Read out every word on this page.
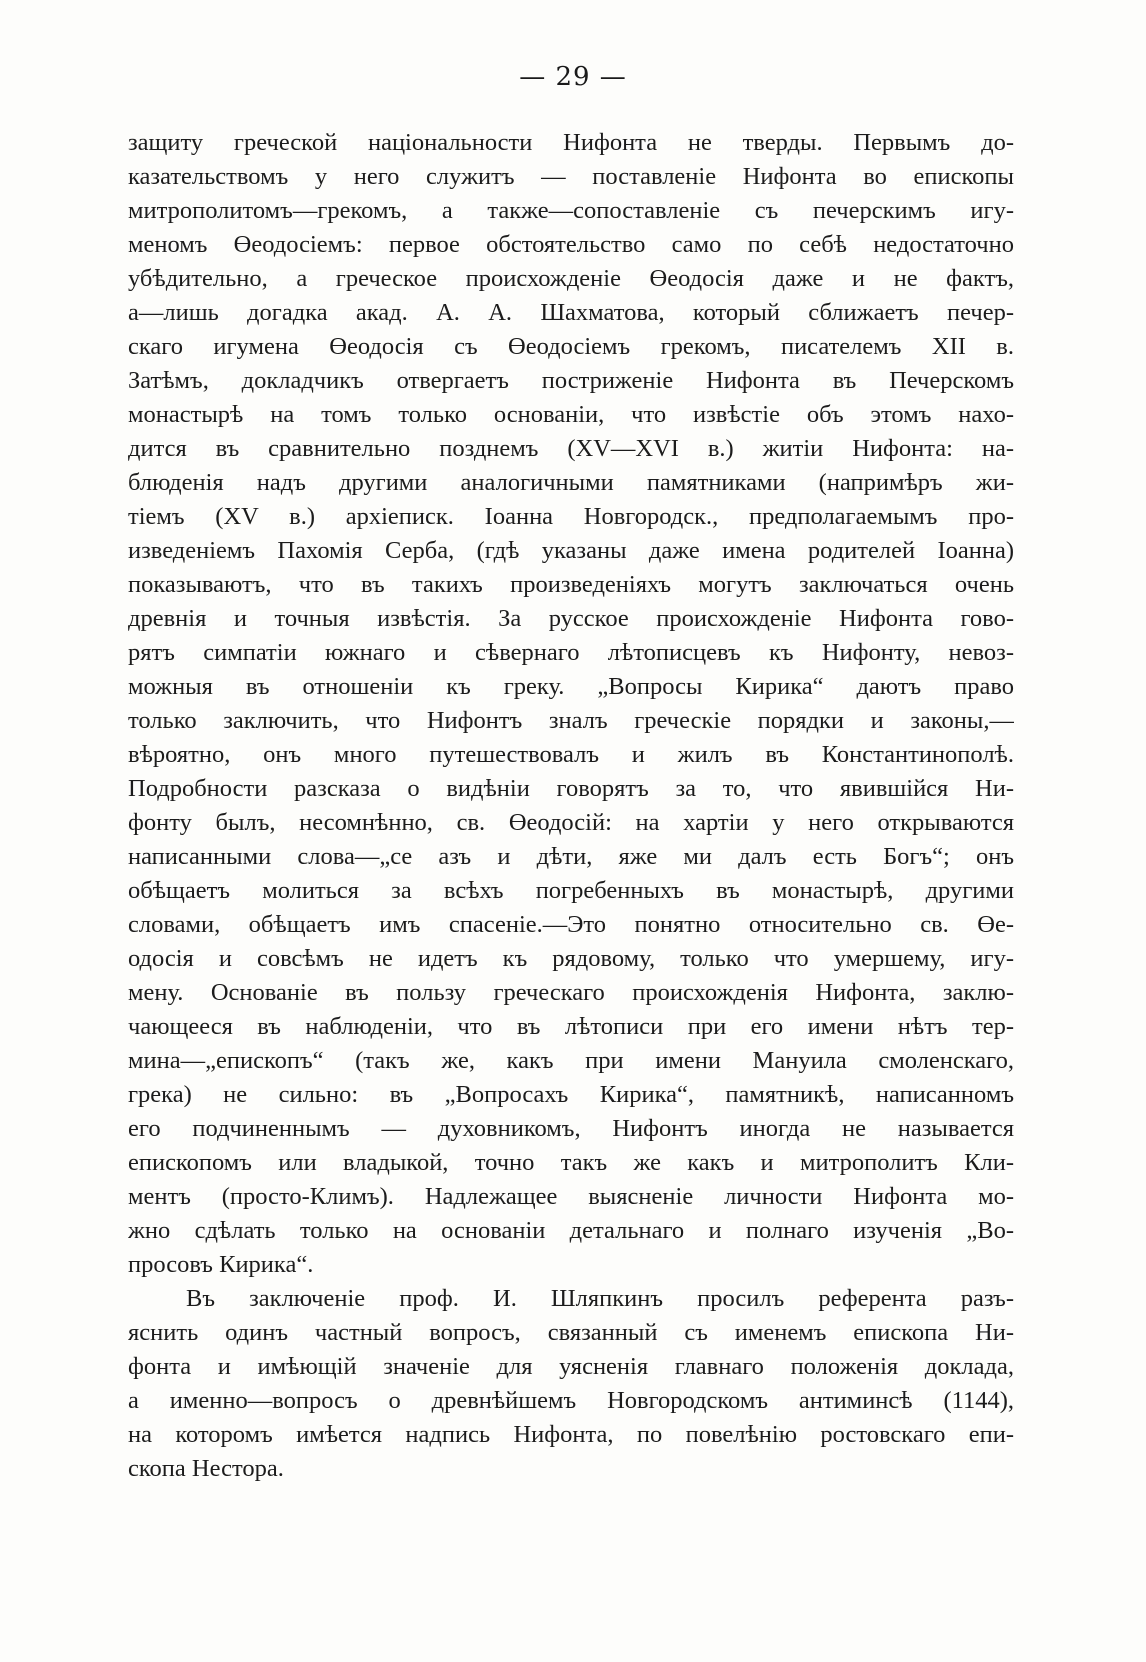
— 29 —
защиту греческой національности Нифонта не тверды. Первымъ до-
казательствомъ у него служитъ — поставленіе Нифонта во епископы
митрополитомъ—грекомъ, а также—сопоставленіе съ печерскимъ игу-
меномъ Өеодосіемъ: первое обстоятельство само по себѣ недостаточно
убѣдительно, а греческое происхожденіе Өеодосія даже и не фактъ,
а—лишь догадка акад. А. А. Шахматова, который сближаетъ печер-
скаго игумена Өеодосія съ Өеодосіемъ грекомъ, писателемъ XII в.
Затѣмъ, докладчикъ отвергаетъ постриженіе Нифонта въ Печерскомъ
монастырѣ на томъ только основаніи, что извѣстіе объ этомъ нахо-
дится въ сравнительно позднемъ (XV—XVI в.) житіи Нифонта: на-
блюденія надъ другими аналогичными памятниками (напримѣръ жи-
тіемъ (XV в.) архіеписк. Іоанна Новгородск., предполагаемымъ про-
изведеніемъ Пахомія Серба, (гдѣ указаны даже имена родителей Іоанна)
показываютъ, что въ такихъ произведеніяхъ могутъ заключаться очень
древнія и точныя извѣстія. За русское происхожденіе Нифонта гово-
рятъ симпатіи южнаго и сѣвернаго лѣтописцевъ къ Нифонту, невоз-
можныя въ отношеніи къ греку. „Вопросы Кирика“ даютъ право
только заключить, что Нифонтъ зналъ греческіе порядки и законы,—
вѣроятно, онъ много путешествовалъ и жилъ въ Константинополѣ.
Подробности разсказа о видѣніи говорятъ за то, что явившійся Ни-
фонту былъ, несомнѣнно, св. Өеодосій: на хартіи у него открываются
написанными слова—„се азъ и дѣти, яже ми далъ есть Богъ“; онъ
обѣщаетъ молиться за всѣхъ погребенныхъ въ монастырѣ, другими
словами, обѣщаетъ имъ спасеніе.—Это понятно относительно св. Өе-
одосія и совсѣмъ не идетъ къ рядовому, только что умершему, игу-
мену. Основаніе въ пользу греческаго происхожденія Нифонта, заклю-
чающееся въ наблюденіи, что въ лѣтописи при его имени нѣтъ тер-
мина—„епископъ“ (такъ же, какъ при имени Мануила смоленскаго,
грека) не сильно: въ „Вопросахъ Кирика“, памятникѣ, написанномъ
его подчиненнымъ — духовникомъ, Нифонтъ иногда не называется
епископомъ или владыкой, точно такъ же какъ и митрополитъ Кли-
ментъ (просто-Климъ). Надлежащее выясненіе личности Нифонта мо-
жно сдѣлать только на основаніи детальнаго и полнаго изученія „Во-
просовъ Кирика“.
Въ заключеніе проф. И. Шляпкинъ просилъ референта разъ-
яснить одинъ частный вопросъ, связанный съ именемъ епископа Ни-
фонта и имѣющій значеніе для уясненія главнаго положенія доклада,
а именно—вопросъ о древнѣйшемъ Новгородскомъ антиминсѣ (1144),
на которомъ имѣется надпись Нифонта, по повелѣнію ростовскаго епи-
скопа Нестора.
